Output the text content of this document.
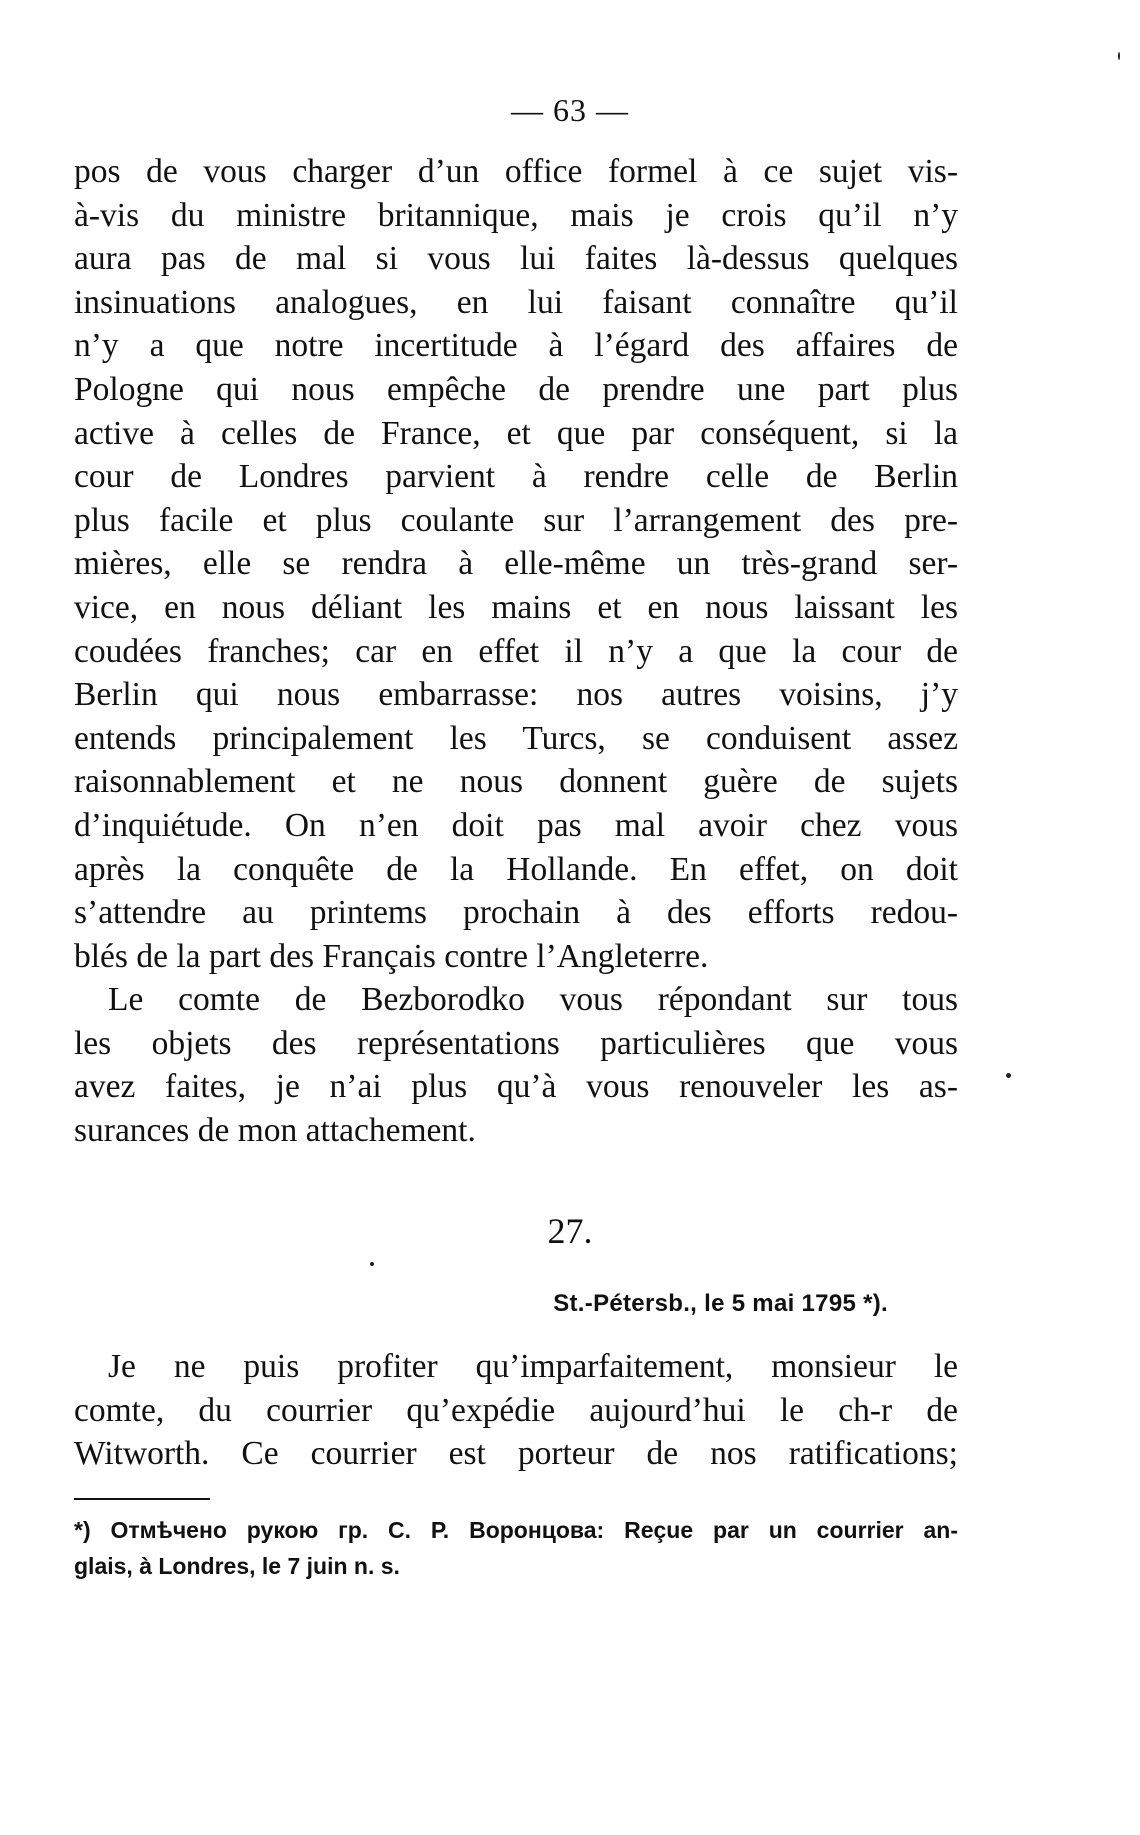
— 63 —

pos de vous charger d’un office formel à ce sujet vis-
à-vis du ministre britannique, mais je crois qu’il n’y
aura pas de mal si vous lui faites là-dessus quelques
insinuations analogues, en lui faisant connaître qu’il
n’y a que notre incertitude à l’égard des affaires de
Pologne qui nous empêche de prendre une part plus
active à celles de France, et que par conséquent, si la
cour de Londres parvient à rendre celle de Berlin
plus facile et plus coulante sur l’arrangement des pre-
mières, elle se rendra à elle-même un très-grand ser-
vice, en nous déliant les mains et en nous laissant les
coudées franches; car en effet il n’y a que la cour de
Berlin qui nous embarrasse: nos autres voisins, j’y
entends principalement les Turcs, se conduisent assez
raisonnablement et ne nous donnent guère de sujets
d’inquiétude. On n’en doit pas mal avoir chez vous
après la conquête de la Hollande. En effet, on doit
s’attendre au printems prochain à des efforts redou-
blés de la part des Français contre l’Angleterre.

Le comte de Bezborodko vous répondant sur tous
les objets des représentations particulières que vous
avez faites, je n’ai plus qu’à vous renouveler les as-
surances de mon attachement.

27.
St.-Pétersb., le 5 mai 1795 *).

Je ne puis profiter qu’imparfaitement, monsieur le
comte, du courrier qu’expédie aujourd’hui le ch-r de
Witworth. Ce courrier est porteur de nos ratifications;

*) Отмѣчено рукою гр. С. Р. Воронцова: Reçue par un courrier an-
glais, à Londres, le 7 juin n. s.
